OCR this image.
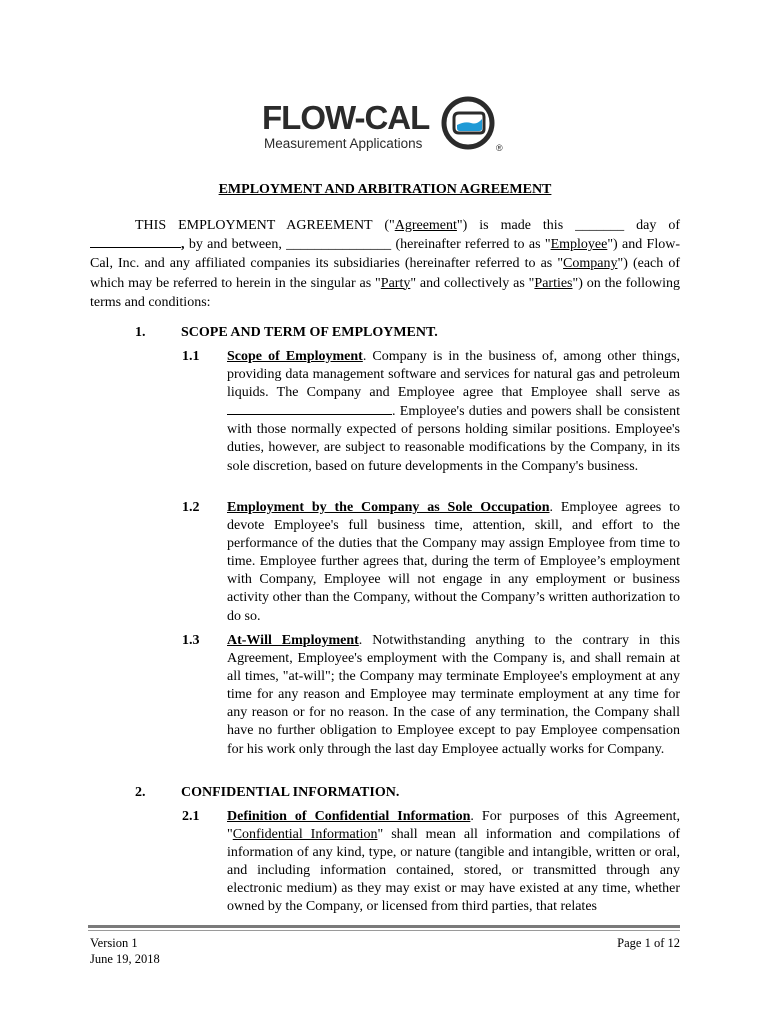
FLOW-CAL
Measurement Applications	®
EMPLOYMENT AND ARBITRATION AGREEMENT

THIS EMPLOYMENT AGREEMENT ("Agreement") is made this _______ day of , by and between, _______________ (hereinafter referred to as "Employee") and Flow-Cal, Inc. and any affiliated companies its subsidiaries (hereinafter referred to as "Company") (each of which may be referred to herein in the singular as "Party" and collectively as "Parties") on the following terms and conditions:

1.	SCOPE AND TERM OF EMPLOYMENT.
1.1 Scope of Employment. Company is in the business of, among other things, providing data management software and services for natural gas and petroleum liquids. The Company and Employee agree that Employee shall serve as . Employee's duties and powers shall be consistent with those normally expected of persons holding similar positions. Employee's duties, however, are subject to reasonable modifications by the Company, in its sole discretion, based on future developments in the Company's business.

1.2 Employment by the Company as Sole Occupation. Employee agrees to devote Employee's full business time, attention, skill, and effort to the performance of the duties that the Company may assign Employee from time to time. Employee further agrees that, during the term of Employee’s employment with Company, Employee will not engage in any employment or business activity other than the Company, without the Company’s written authorization to do so.

1.3 At-Will Employment. Notwithstanding anything to the contrary in this Agreement, Employee's employment with the Company is, and shall remain at all times, "at-will"; the Company may terminate Employee's employment at any time for any reason and Employee may terminate employment at any time for any reason or for no reason. In the case of any termination, the Company shall have no further obligation to Employee except to pay Employee compensation for his work only through the last day Employee actually works for Company.

2.	CONFIDENTIAL INFORMATION.
2.1 Definition of Confidential Information. For purposes of this Agreement, "Confidential Information" shall mean all information and compilations of information of any kind, type, or nature (tangible and intangible, written or oral, and including information contained, stored, or transmitted through any electronic medium) as they may exist or may have existed at any time, whether owned by the Company, or licensed from third parties, that relates

Version 1
June 19, 2018
Page 1 of 12
